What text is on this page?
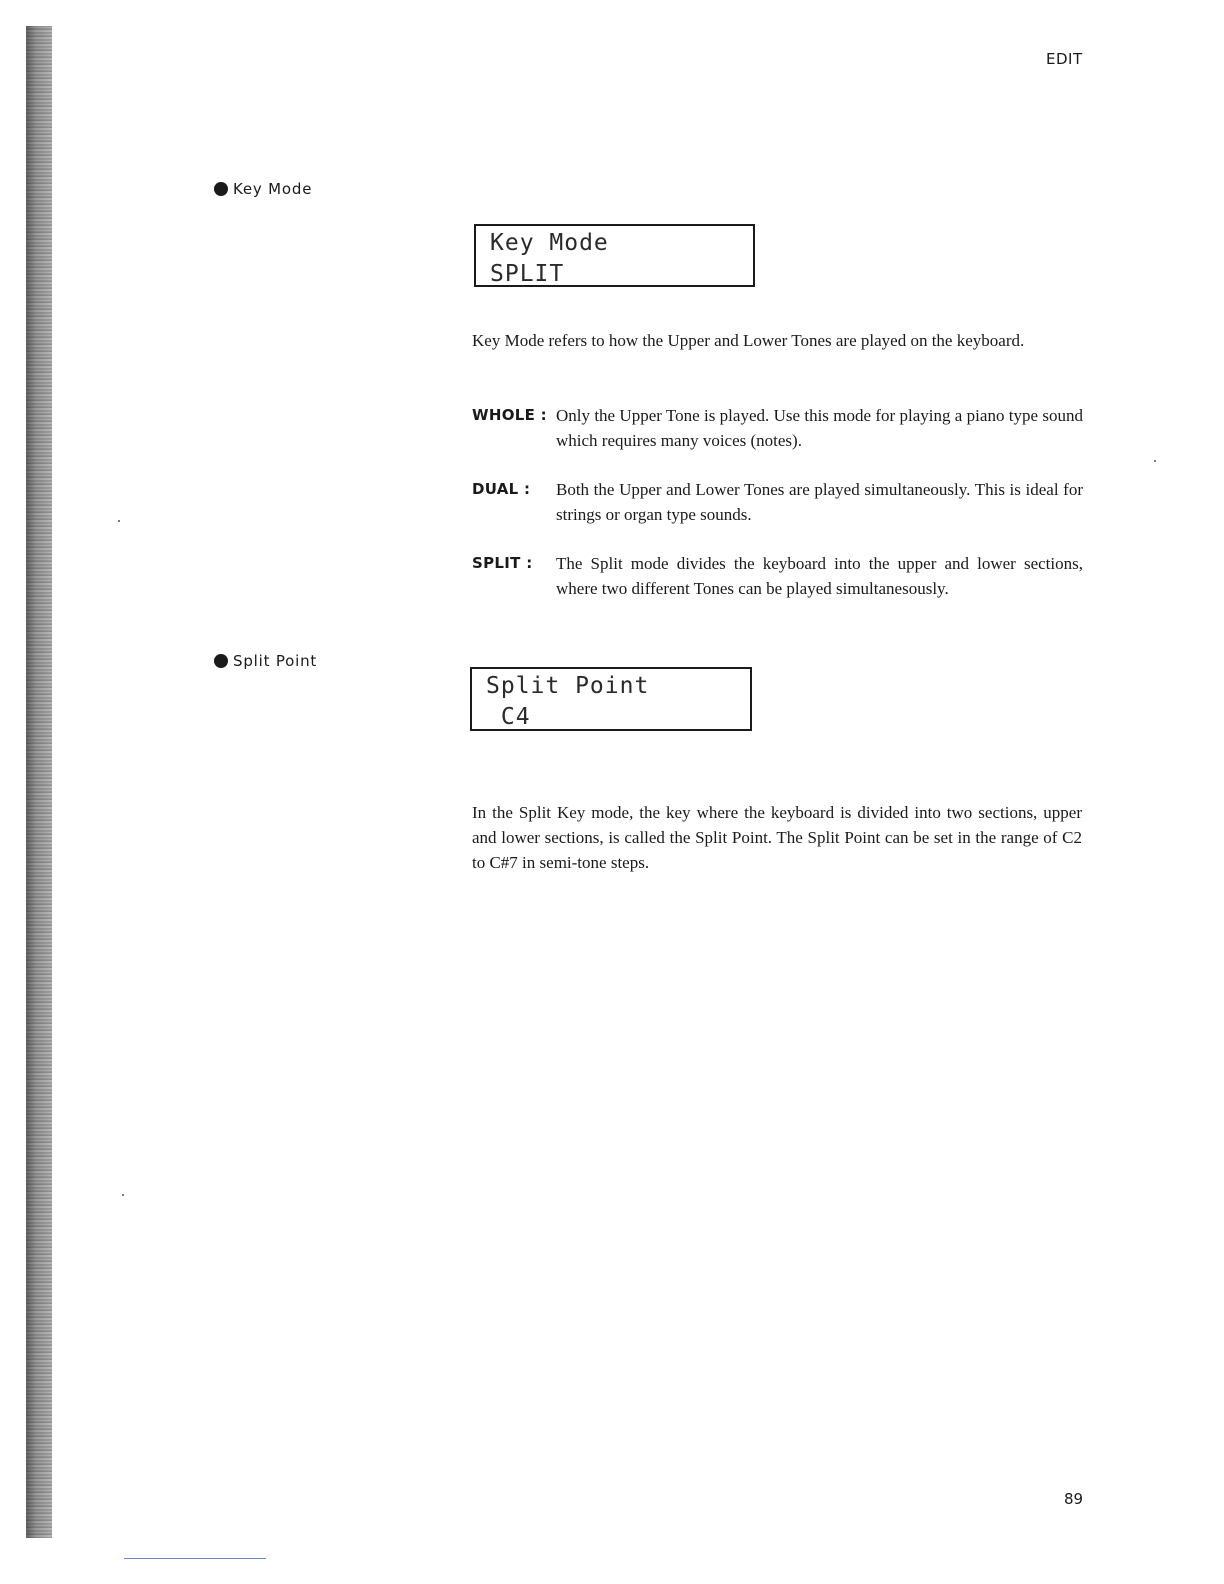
EDIT
Key Mode
Key Mode
SPLIT
Key Mode refers to how the Upper and Lower Tones are played on the keyboard.
WHOLE : Only the Upper Tone is played. Use this mode for playing a piano type sound which requires many voices (notes).
DUAL : Both the Upper and Lower Tones are played simultaneously. This is ideal for strings or organ type sounds.
SPLIT : The Split mode divides the keyboard into the upper and lower sections, where two different Tones can be played simultanesously.
Split Point
Split Point
C4
In the Split Key mode, the key where the keyboard is divided into two sections, upper and lower sections, is called the Split Point. The Split Point can be set in the range of C2 to C#7 in semi-tone steps.
89
